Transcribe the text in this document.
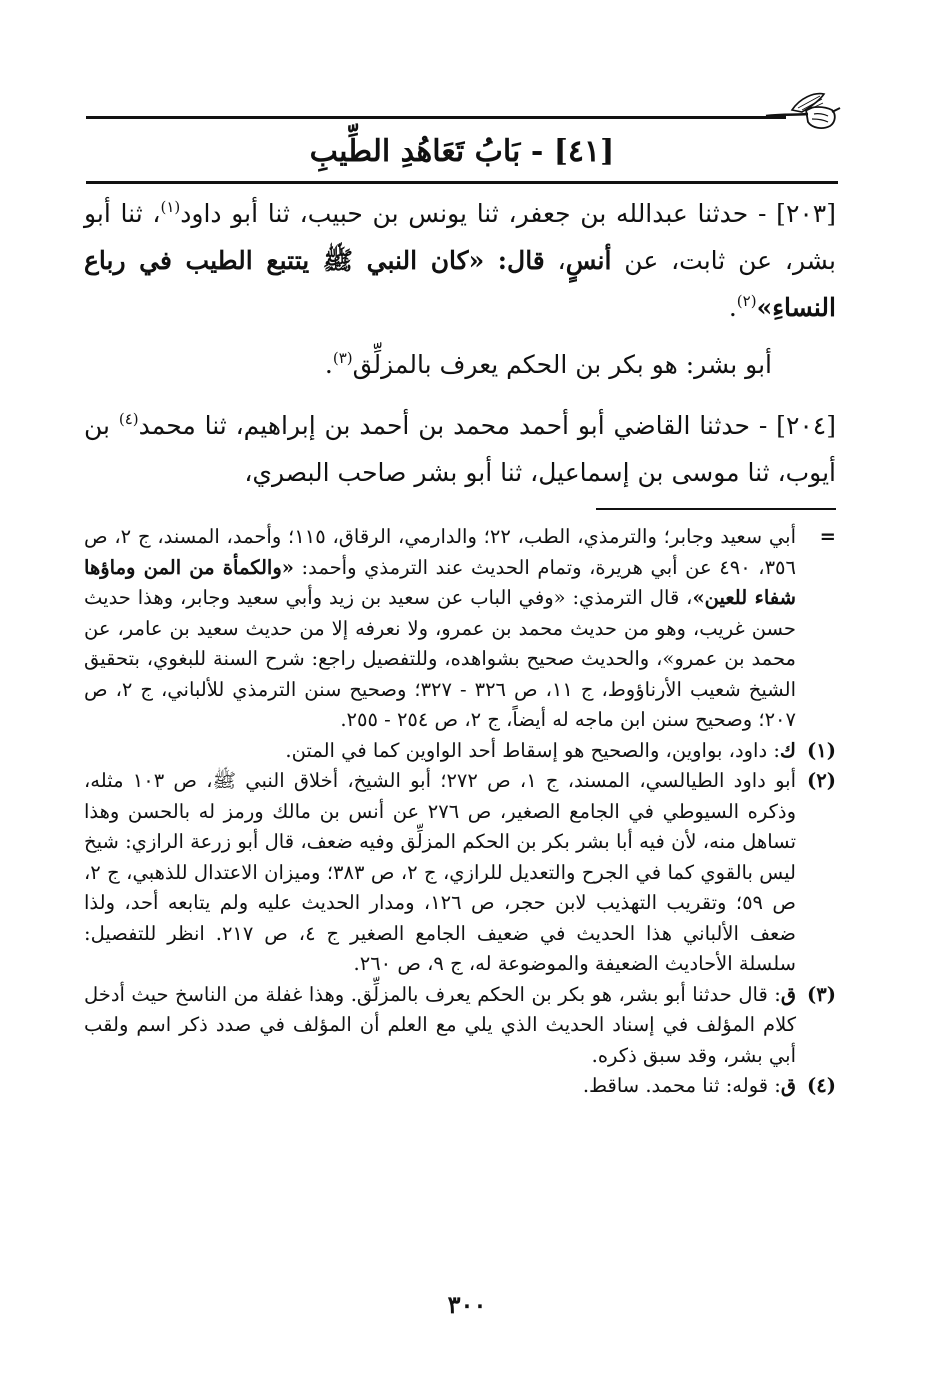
[٤١] - بَابُ تَعَاهُدِ الطِّيبِ

[٢٠٣] - حدثنا عبدالله بن جعفر، ثنا يونس بن حبيب، ثنا أبو داود$^{(١)}$، ثنا أبو بشر، عن ثابت، عن أنسٍ، قال: «كان النبي ﷺ يتتبع الطيب في رباع النساءِ»$^{(٢)}$.

أبو بشر: هو بكر بن الحكم يعرف بالمزلِّق$^{(٣)}$.

[٢٠٤] - حدثنا القاضي أبو أحمد محمد بن أحمد بن إبراهيم، ثنا محمد$^{(٤)}$ بن أيوب، ثنا موسى بن إسماعيل، ثنا أبو بشر صاحب البصري،

=
أبي سعيد وجابر؛ والترمذي، الطب، ٢٢؛ والدارمي، الرقاق، ١١٥؛ وأحمد، المسند، ج ٢، ص ٣٥٦، ٤٩٠ عن أبي هريرة، وتمام الحديث عند الترمذي وأحمد: «والكمأة من المن وماؤها شفاء للعين»، قال الترمذي: «وفي الباب عن سعيد بن زيد وأبي سعيد وجابر، وهذا حديث حسن غريب، وهو من حديث محمد بن عمرو، ولا نعرفه إلا من حديث سعيد بن عامر، عن محمد بن عمرو»، والحديث صحيح بشواهده، وللتفصيل راجع: شرح السنة للبغوي، بتحقيق الشيخ شعيب الأرناؤوط، ج ١١، ص ٣٢٦ - ٣٢٧؛ وصحيح سنن الترمذي للألباني، ج ٢، ص ٢٠٧؛ وصحيح سنن ابن ماجه له أيضاً، ج ٢، ص ٢٥٤ - ٢٥٥.
(١)
ك: داود، بواوين، والصحيح هو إسقاط أحد الواوين كما في المتن.
(٢)
أبو داود الطيالسي، المسند، ج ١، ص ٢٧٢؛ أبو الشيخ، أخلاق النبي ﷺ، ص ١٠٣ مثله، وذكره السيوطي في الجامع الصغير، ص ٢٧٦ عن أنس بن مالك ورمز له بالحسن وهذا تساهل منه، لأن فيه أبا بشر بكر بن الحكم المزلِّق وفيه ضعف، قال أبو زرعة الرازي: شيخ ليس بالقوي كما في الجرح والتعديل للرازي، ج ٢، ص ٣٨٣؛ وميزان الاعتدال للذهبي، ج ٢، ص ٥٩؛ وتقريب التهذيب لابن حجر، ص ١٢٦، ومدار الحديث عليه ولم يتابعه أحد، ولذا ضعف الألباني هذا الحديث في ضعيف الجامع الصغير ج ٤، ص ٢١٧. انظر للتفصيل: سلسلة الأحاديث الضعيفة والموضوعة له، ج ٩، ص ٢٦٠.
(٣)
ق: قال حدثنا أبو بشر، هو بكر بن الحكم يعرف بالمزلِّق. وهذا غفلة من الناسخ حيث أدخل كلام المؤلف في إسناد الحديث الذي يلي مع العلم أن المؤلف في صدد ذكر اسم ولقب أبي بشر، وقد سبق ذكره.
(٤)
ق: قوله: ثنا محمد. ساقط.
٣٠٠
